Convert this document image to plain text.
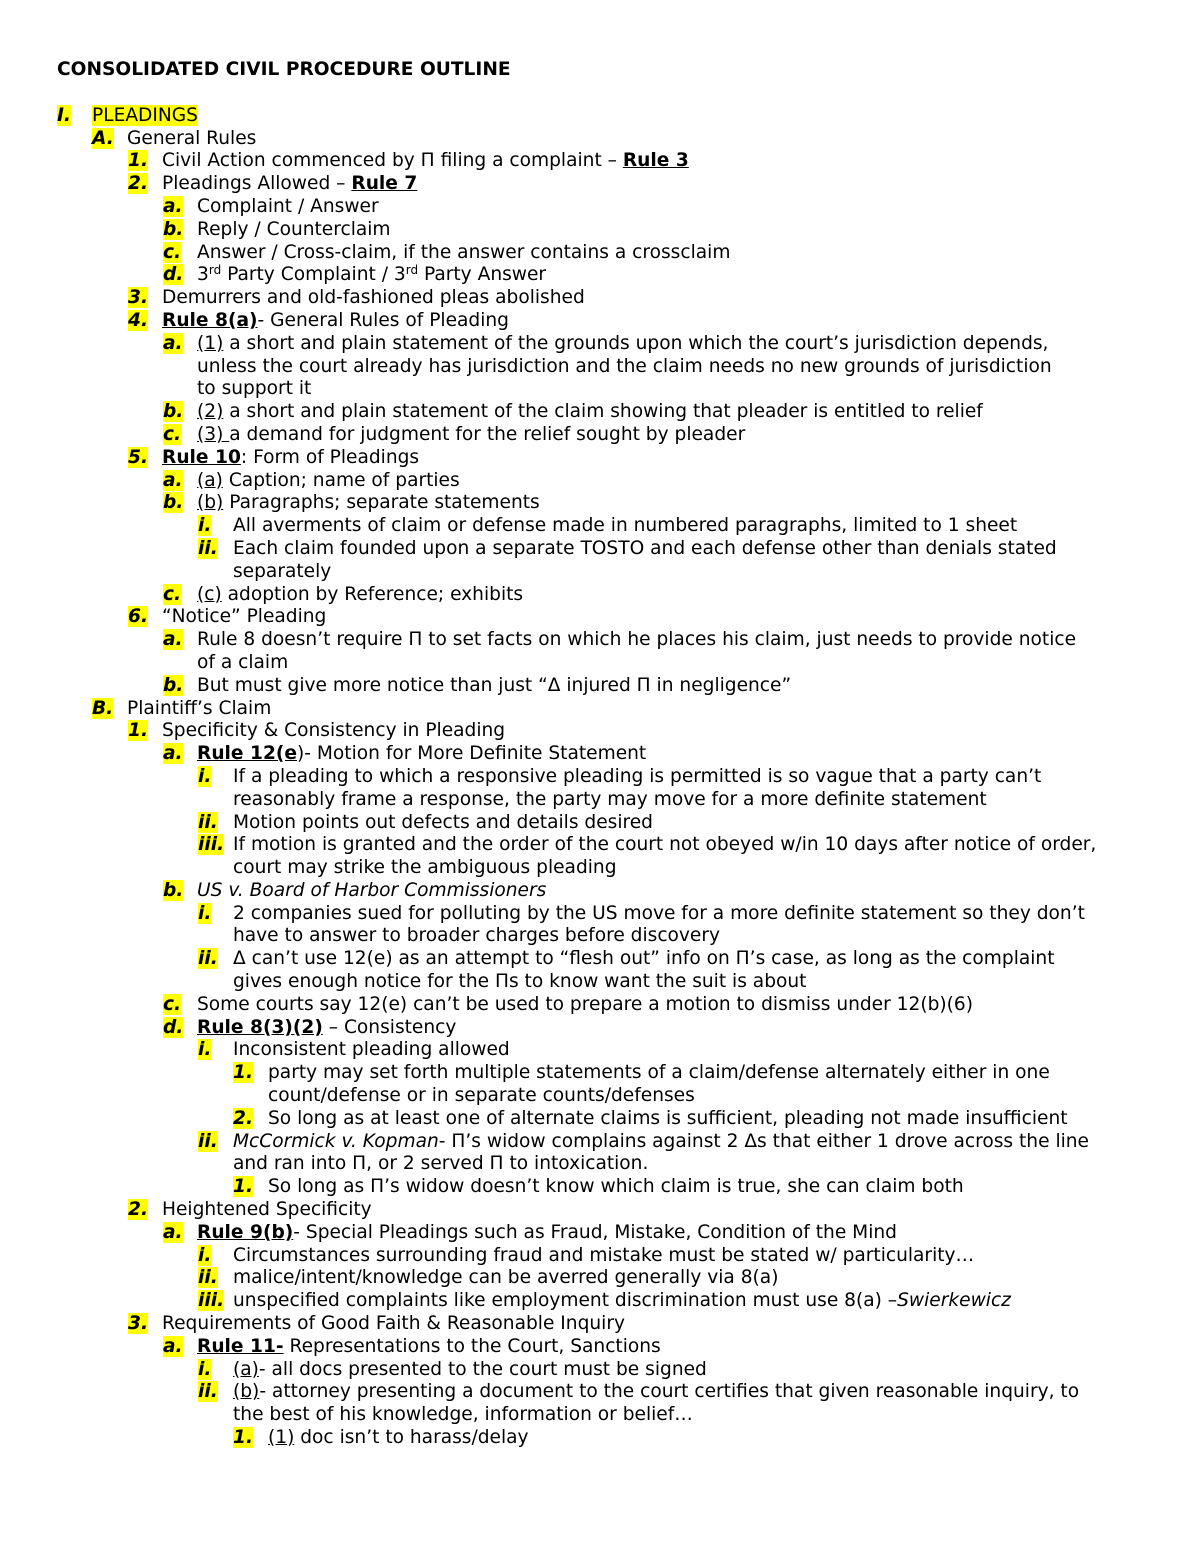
CONSOLIDATED CIVIL PROCEDURE OUTLINE
I. PLEADINGS
A. General Rules
1. Civil Action commenced by Π filing a complaint – Rule 3
2. Pleadings Allowed – Rule 7
a. Complaint / Answer
b. Reply / Counterclaim
c. Answer / Cross-claim, if the answer contains a crossclaim
d. 3rd Party Complaint / 3rd Party Answer
3. Demurrers and old-fashioned pleas abolished
4. Rule 8(a)- General Rules of Pleading
a. (1) a short and plain statement of the grounds upon which the court’s jurisdiction depends,
unless the court already has jurisdiction and the claim needs no new grounds of jurisdiction
to support it
b. (2) a short and plain statement of the claim showing that pleader is entitled to relief
c. (3) a demand for judgment for the relief sought by pleader
5. Rule 10: Form of Pleadings
a. (a) Caption; name of parties
b. (b) Paragraphs; separate statements
i. All averments of claim or defense made in numbered paragraphs, limited to 1 sheet
ii. Each claim founded upon a separate TOSTO and each defense other than denials stated
separately
c. (c) adoption by Reference; exhibits
6. “Notice” Pleading
a. Rule 8 doesn’t require Π to set facts on which he places his claim, just needs to provide notice
of a claim
b. But must give more notice than just “Δ injured Π in negligence”
B. Plaintiff’s Claim
1. Specificity & Consistency in Pleading
a. Rule 12(e)- Motion for More Definite Statement
i. If a pleading to which a responsive pleading is permitted is so vague that a party can’t
reasonably frame a response, the party may move for a more definite statement
ii. Motion points out defects and details desired
iii. If motion is granted and the order of the court not obeyed w/in 10 days after notice of order,
court may strike the ambiguous pleading
b. US v. Board of Harbor Commissioners
i. 2 companies sued for polluting by the US move for a more definite statement so they don’t
have to answer to broader charges before discovery
ii. Δ can’t use 12(e) as an attempt to “flesh out” info on Π’s case, as long as the complaint
gives enough notice for the Πs to know want the suit is about
c. Some courts say 12(e) can’t be used to prepare a motion to dismiss under 12(b)(6)
d. Rule 8(3)(2) – Consistency
i. Inconsistent pleading allowed
1. party may set forth multiple statements of a claim/defense alternately either in one
count/defense or in separate counts/defenses
2. So long as at least one of alternate claims is sufficient, pleading not made insufficient
ii. McCormick v. Kopman- Π’s widow complains against 2 Δs that either 1 drove across the line
and ran into Π, or 2 served Π to intoxication.
1. So long as Π’s widow doesn’t know which claim is true, she can claim both
2. Heightened Specificity
a. Rule 9(b)- Special Pleadings such as Fraud, Mistake, Condition of the Mind
i. Circumstances surrounding fraud and mistake must be stated w/ particularity…
ii. malice/intent/knowledge can be averred generally via 8(a)
iii. unspecified complaints like employment discrimination must use 8(a) –Swierkewicz
3. Requirements of Good Faith & Reasonable Inquiry
a. Rule 11- Representations to the Court, Sanctions
i. (a)- all docs presented to the court must be signed
ii. (b)- attorney presenting a document to the court certifies that given reasonable inquiry, to
the best of his knowledge, information or belief…
1. (1) doc isn’t to harass/delay
